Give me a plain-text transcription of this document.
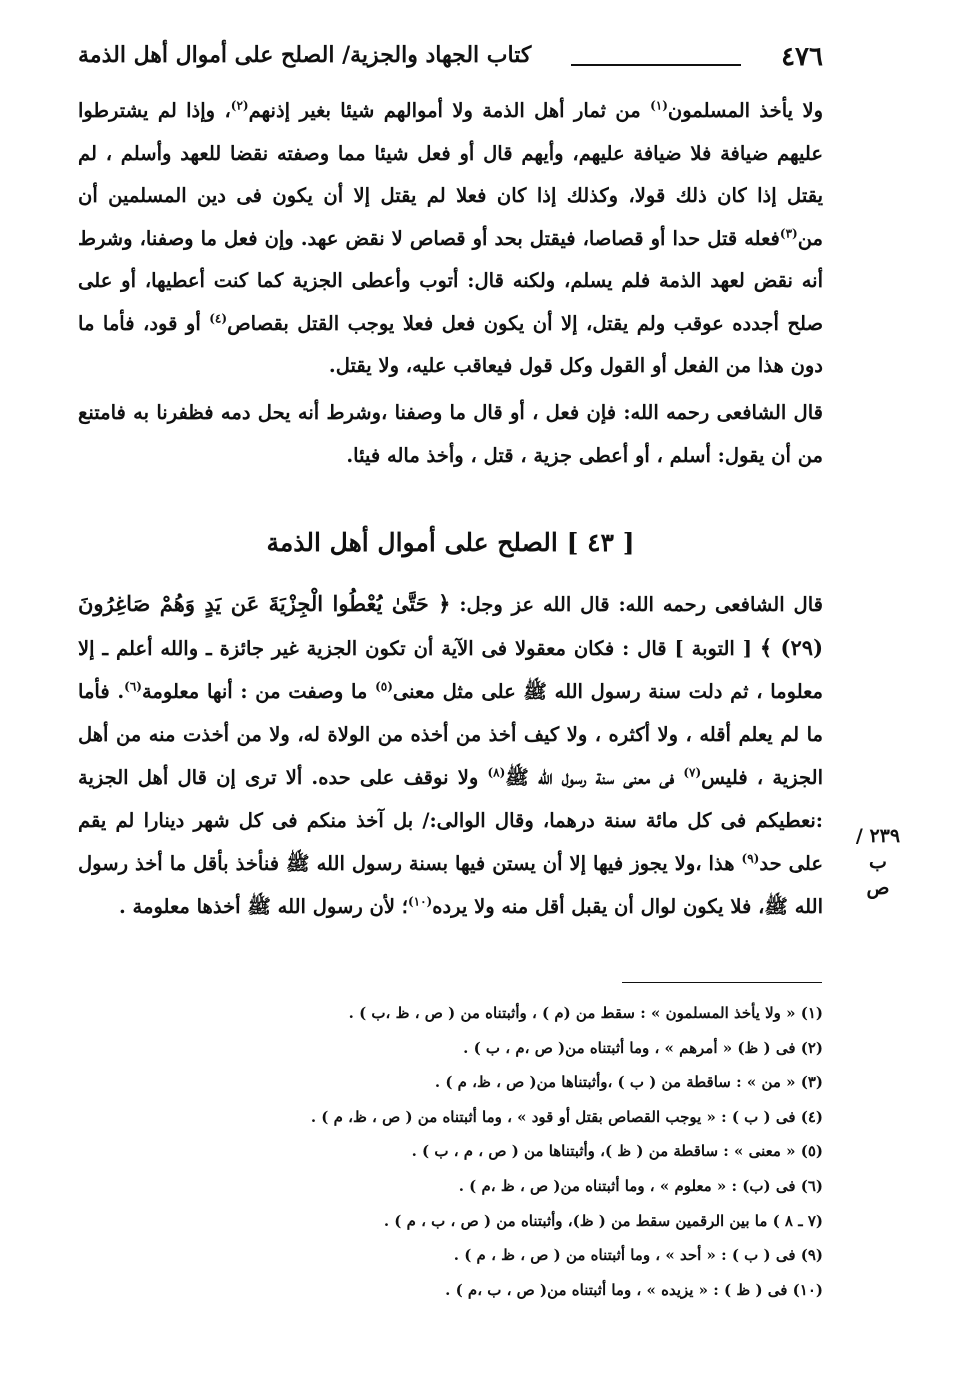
٤٧٦
كتاب الجهاد والجزية/ الصلح على أموال أهل الذمة

ولا يأخذ المسلمون$^{(١)}$ من ثمار أهل الذمة ولا أموالهم شيئا بغير إذنهم$^{(٢)}$، وإذا لم يشترطوا عليهم ضيافة فلا ضيافة عليهم، وأيهم قال أو فعل شيئا مما وصفته نقضا للعهد وأسلم ، لم يقتل إذا كان ذلك قولا، وكذلك إذا كان فعلا لم يقتل إلا أن يكون فى دين المسلمين أن من$^{(٣)}$فعله قتل حدا أو قصاصا، فيقتل بحد أو قصاص لا نقض عهد. وإن فعل ما وصفنا، وشرط أنه نقض لعهد الذمة فلم يسلم، ولكنه قال: أتوب وأعطى الجزية كما كنت أعطيها، أو على صلح أجدده عوقب ولم يقتل، إلا أن يكون فعل فعلا يوجب القتل بقصاص$^{(٤)}$ أو قود، فأما ما دون هذا من الفعل أو القول وكل قول فيعاقب عليه، ولا يقتل.

قال الشافعى رحمه الله: فإن فعل ، أو قال ما وصفنا ،وشرط أنه يحل دمه فظفرنا به فامتنع من أن يقول: أسلم ، أو أعطى جزية ، قتل ، وأخذ ماله فيئا.

[ ٤٣ ] الصلح على أموال أهل الذمة

قال الشافعى رحمه الله: قال الله عز وجل: ﴿ حَتَّىٰ يُعْطُوا الْجِزْيَةَ عَن يَدٍ وَهُمْ صَاغِرُونَ (٢٩) ﴾ [ التوبة ] قال : فكان معقولا فى الآية أن تكون الجزية غير جائزة ـ والله أعلم ـ إلا معلوما ، ثم دلت سنة رسول الله ﷺ على مثل معنى$^{(٥)}$ ما وصفت من : أنها معلومة$^{(٦)}$. فأما ما لم يعلم أقله ، ولا أكثره ، ولا كيف أخذ من أخذه من الولاة له، ولا من أخذت منه من أهل الجزية ، فليس$^{(٧)}$ فى معنى سنة رسول الله ﷺ$^{(٨)}$ ولا نوقف على حده. ألا ترى إن قال أهل الجزية :نعطيكم فى كل مائة سنة درهما، وقال الوالى:/ بل آخذ منكم فى كل شهر دينارا لم يقم على حد$^{(٩)}$ هذا ،ولا يجوز فيها إلا أن يستن فيها بسنة رسول الله ﷺ فنأخذ بأقل ما أخذ رسول الله ﷺ، فلا يكون لوال أن يقبل أقل منه ولا يرده$^{(١٠)}$؛ لأن رسول الله ﷺ أخذها معلومة .

٢٣٩ /ب
ص
(١) « ولا يأخذ المسلمون » : سقط من (م ) ، وأثبتناه من ( ص ، ظ ،ب ) .
(٢) فى ( ظ) « أمرهم » ، وما أثبتناه من( ص ،م ، ب ) .
(٣) « من » : ساقطة من ( ب ) ،وأثبتناها من( ص ، ظ، م ) .
(٤) فى ( ب ) : « يوجب القصاص بقتل أو قود » ، وما أثبتناه من ( ص ، ظ، م ) .
(٥) « معنى » : ساقطة من ( ظ )، وأثبتناها من ( ص ، م ، ب ) .
(٦) فى (ب) : « معلوم » ، وما أثبتناه من( ص ، ظ ،م ) .
(٧ ـ ٨ ) ما بين الرقمين سقط من ( ظ)، وأثبتناه من ( ص ، ب ، م ) .
(٩) فى ( ب ) : « أحد » ، وما أثبتناه من ( ص ، ظ ، م ) .
(١٠) فى ( ظ ) : « يزيده » ، وما أثبتناه من( ص ، ب ،م ) .
